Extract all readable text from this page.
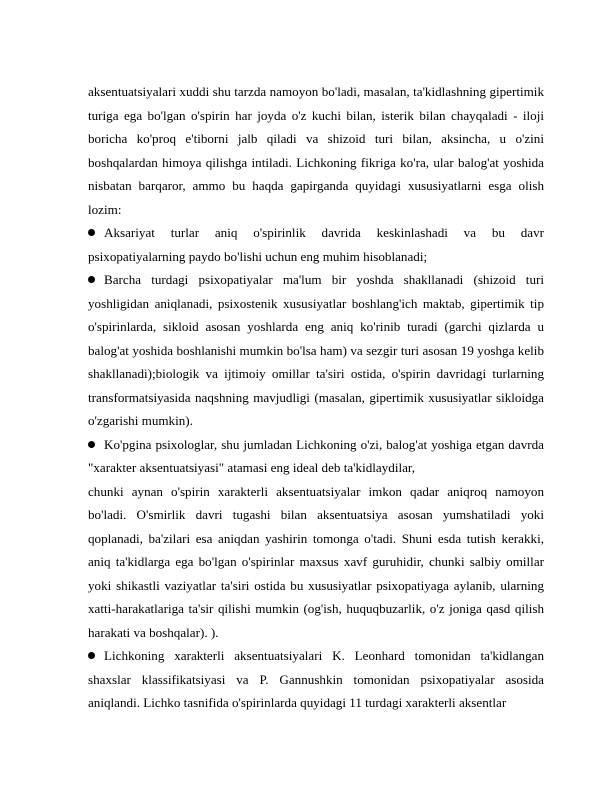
aksentuatsiyalari xuddi shu tarzda namoyon bo'ladi, masalan, ta'kidlashning gipertimik turiga ega bo'lgan o'spirin har joyda o'z kuchi bilan, isterik bilan chayqaladi - iloji boricha ko'proq e'tiborni jalb qiladi va shizoid turi bilan, aksincha, u o'zini boshqalardan himoya qilishga intiladi. Lichkoning fikriga ko'ra, ular balog'at yoshida nisbatan barqaror, ammo bu haqda gapirganda quyidagi xususiyatlarni esga olish lozim:

Aksariyat turlar aniq o'spirinlik davrida keskinlashadi va bu davr psixopatiyalarning paydo bo'lishi uchun eng muhim hisoblanadi;

Barcha turdagi psixopatiyalar ma'lum bir yoshda shakllanadi (shizoid turi yoshligidan aniqlanadi, psixostenik xususiyatlar boshlang'ich maktab, gipertimik tip o'spirinlarda, sikloid asosan yoshlarda eng aniq ko'rinib turadi (garchi qizlarda u balog'at yoshida boshlanishi mumkin bo'lsa ham) va sezgir turi asosan 19 yoshga kelib shakllanadi);biologik va ijtimoiy omillar ta'siri ostida, o'spirin davridagi turlarning transformatsiyasida naqshning mavjudligi (masalan, gipertimik xususiyatlar sikloidga o'zgarishi mumkin).

Ko'pgina psixologlar, shu jumladan Lichkoning o'zi, balog'at yoshiga etgan davrda "xarakter aksentuatsiyasi" atamasi eng ideal deb ta'kidlaydilar,

chunki aynan o'spirin xarakterli aksentuatsiyalar imkon qadar aniqroq namoyon bo'ladi. O'smirlik davri tugashi bilan aksentuatsiya asosan yumshatiladi yoki qoplanadi, ba'zilari esa aniqdan yashirin tomonga o'tadi. Shuni esda tutish kerakki, aniq ta'kidlarga ega bo'lgan o'spirinlar maxsus xavf guruhidir, chunki salbiy omillar yoki shikastli vaziyatlar ta'siri ostida bu xususiyatlar psixopatiyaga aylanib, ularning xatti-harakatlariga ta'sir qilishi mumkin (og'ish, huquqbuzarlik, o'z joniga qasd qilish harakati va boshqalar). ).

Lichkoning xarakterli aksentuatsiyalari K. Leonhard tomonidan ta'kidlangan shaxslar klassifikatsiyasi va P. Gannushkin tomonidan psixopatiyalar asosida aniqlandi. Lichko tasnifida o'spirinlarda quyidagi 11 turdagi xarakterli aksentlar
